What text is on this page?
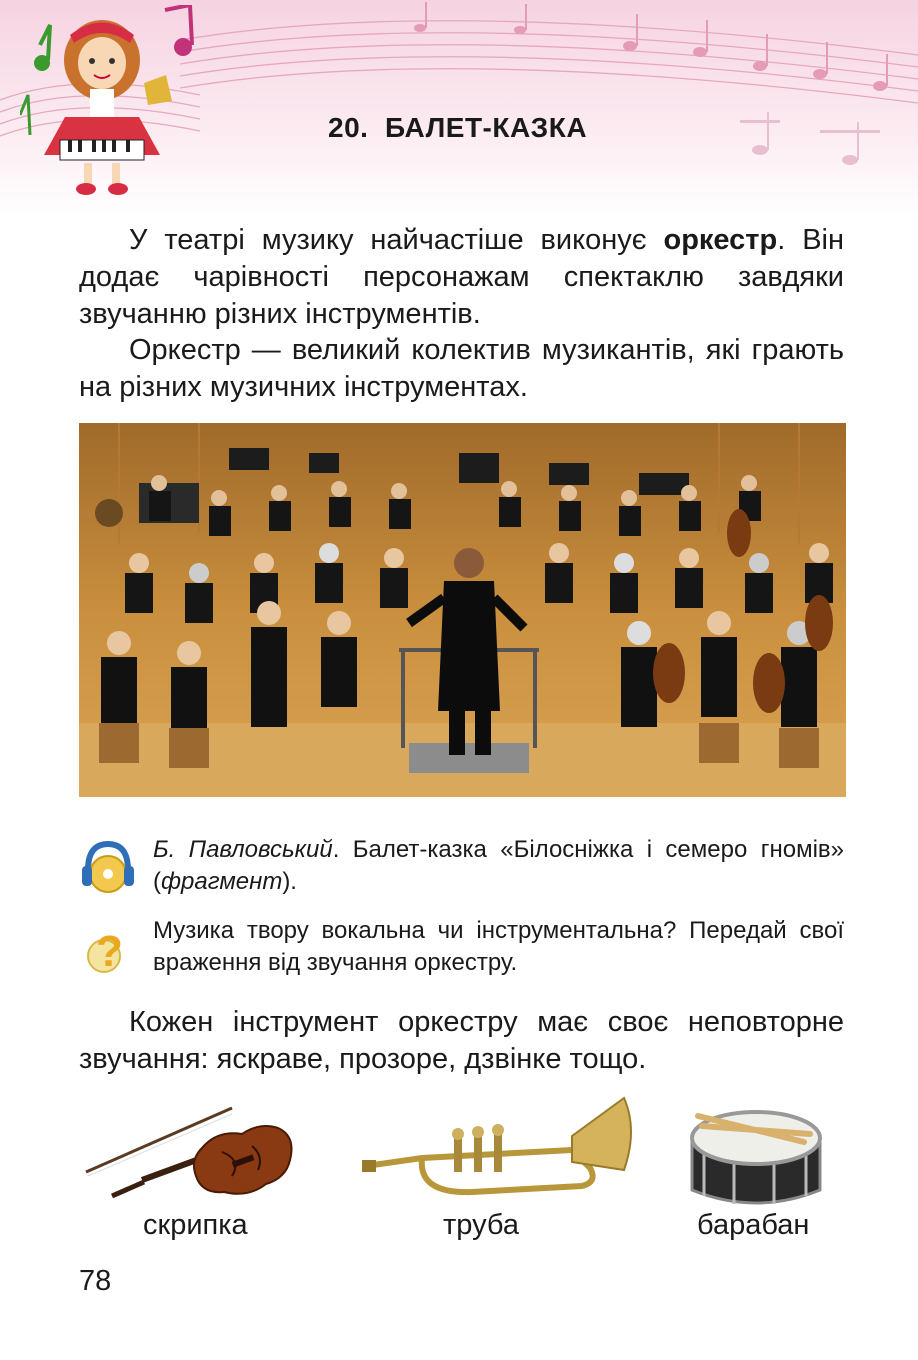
20. БАЛЕТ-КАЗКА
У театрі музику найчастіше виконує оркестр. Він додає чарівності персонажам спектаклю завдяки звучанню різних інструментів.
Оркестр — великий колектив музикантів, які грають на різних музичних інструментах.
Б. Павловський. Балет-казка «Білосніжка і семеро гномів» (фрагмент).
? Музика твору вокальна чи інструментальна? Передай свої враження від звучання оркестру.
Кожен інструмент оркестру має своє неповторне звучання: яскраве, прозоре, дзвінке тощо.
скрипка	труба	барабан
78
